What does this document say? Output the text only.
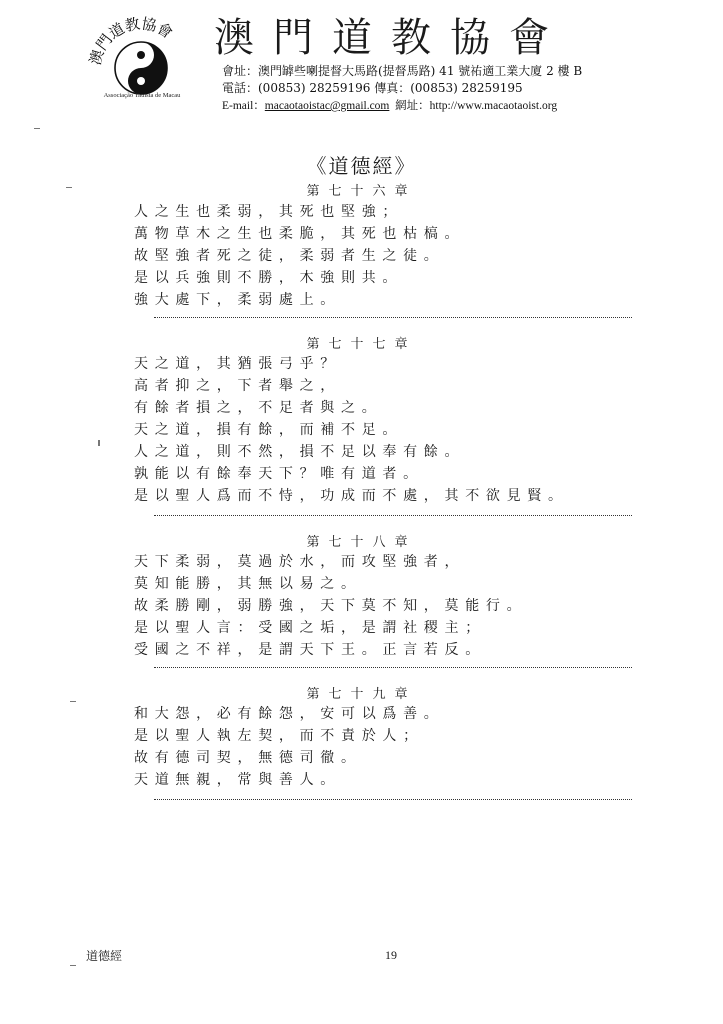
澳門道教協會
Associação Tauista de Macau
澳門道教協會
會址：澳門罅些喇提督大馬路(提督馬路) 41 號祐適工業大廈 2 樓 B
電話：(00853) 28259196 傳真：(00853) 28259195
E-mail：macaotaoistac@gmail.com 網址：http://www.macaotaoist.org
《道德經》
第七十六章
人之生也柔弱，其死也堅強；
萬物草木之生也柔脆，其死也枯槁。
故堅強者死之徒，柔弱者生之徒。
是以兵強則不勝，木強則共。
強大處下，柔弱處上。
第七十七章
天之道，其猶張弓乎？
高者抑之，下者舉之，
有餘者損之，不足者與之。
天之道，損有餘，而補不足。
人之道，則不然，損不足以奉有餘。
孰能以有餘奉天下？唯有道者。
是以聖人爲而不恃，功成而不處，其不欲見賢。
第七十八章
天下柔弱，莫過於水，而攻堅強者，
莫知能勝，其無以易之。
故柔勝剛，弱勝強，天下莫不知，莫能行。
是以聖人言：受國之垢，是謂社稷主；
受國之不祥，是謂天下王。正言若反。
第七十九章
和大怨，必有餘怨，安可以爲善。
是以聖人執左契，而不責於人；
故有德司契，無德司徹。
天道無親，常與善人。
道德經	19
